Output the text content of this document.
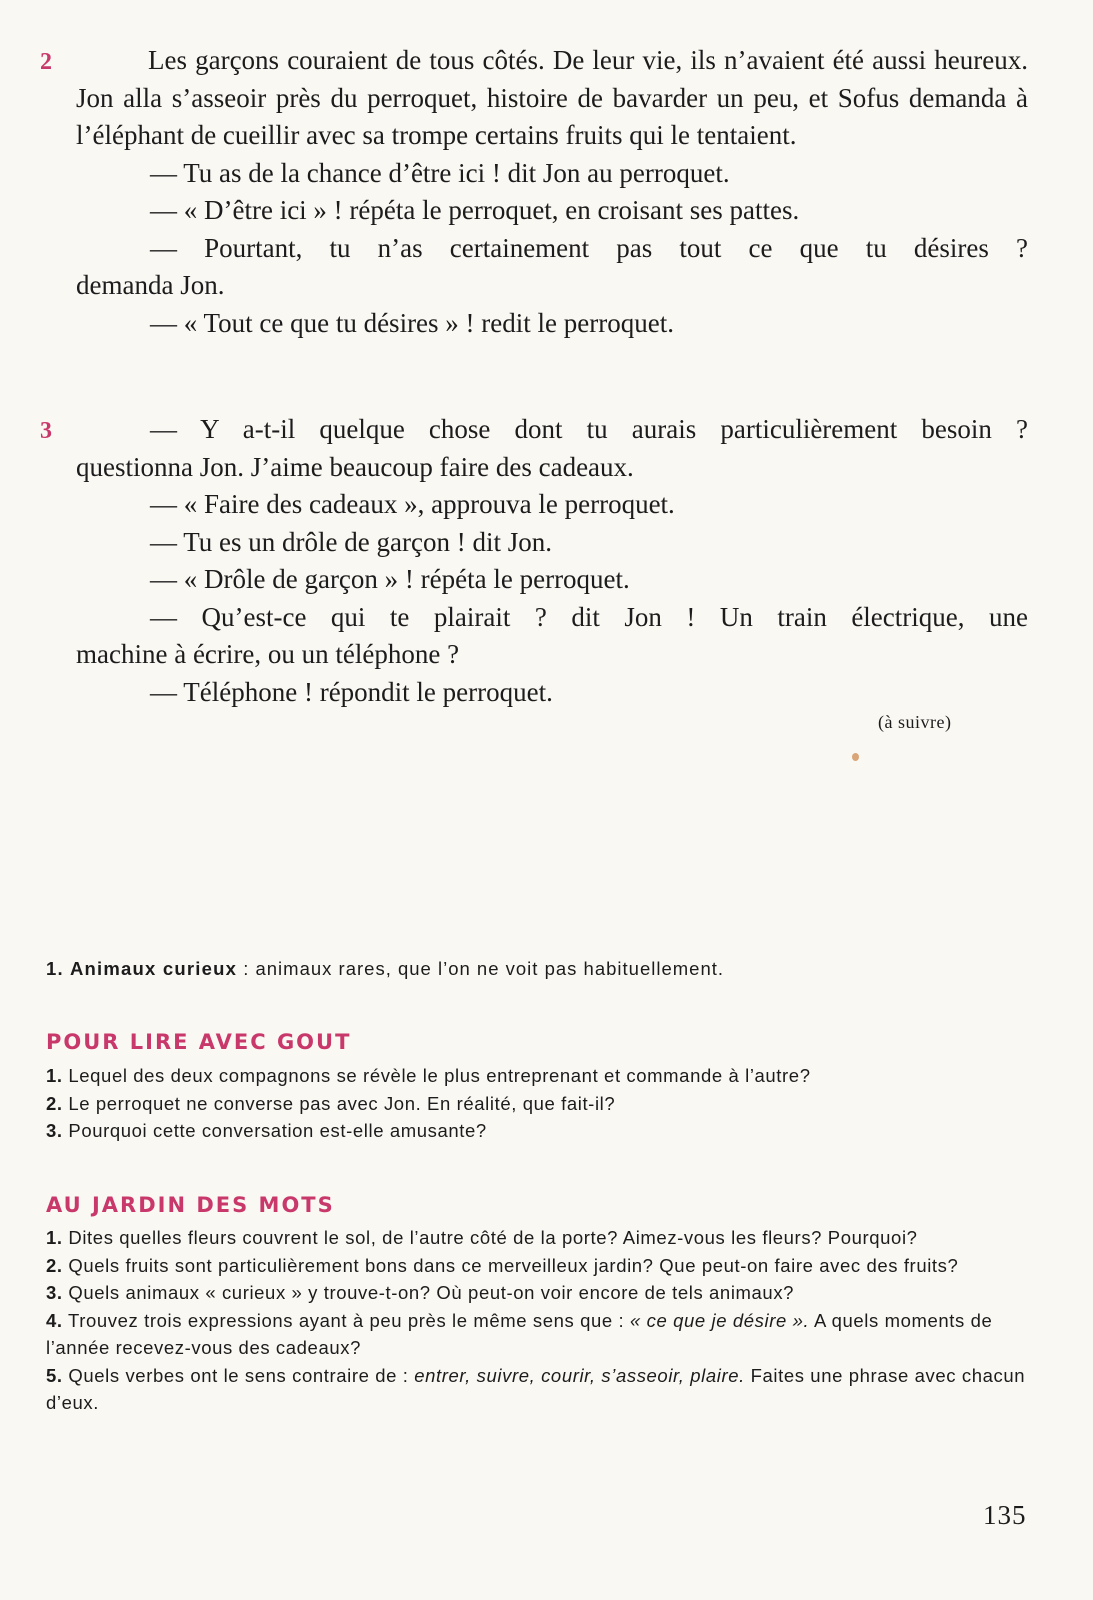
2	Les garçons couraient de tous côtés. De leur vie, ils n’avaient été aussi heureux. Jon alla s’asseoir près du perroquet, histoire de bavarder un peu, et Sofus demanda à l’éléphant de cueillir avec sa trompe certains fruits qui le tentaient.

— Tu as de la chance d’être ici ! dit Jon au perroquet.

— « D’être ici » ! répéta le perroquet, en croisant ses pattes.

— Pourtant, tu n’as certainement pas tout ce que tu désires ?

demanda Jon.

— « Tout ce que tu désires » ! redit le perroquet.

3	— Y a-t-il quelque chose dont tu aurais particulièrement besoin ?

questionna Jon. J’aime beaucoup faire des cadeaux.

— « Faire des cadeaux », approuva le perroquet.

— Tu es un drôle de garçon ! dit Jon.

— « Drôle de garçon » ! répéta le perroquet.

— Qu’est-ce qui te plairait ? dit Jon ! Un train électrique, une

machine à écrire, ou un téléphone ?

— Téléphone ! répondit le perroquet.

(à suivre)
1. Animaux curieux : animaux rares, que l’on ne voit pas habituellement.
POUR LIRE AVEC GOUT

1. Lequel des deux compagnons se révèle le plus entreprenant et commande à l’autre?

2. Le perroquet ne converse pas avec Jon. En réalité, que fait-il?

3. Pourquoi cette conversation est-elle amusante?

AU JARDIN DES MOTS

1. Dites quelles fleurs couvrent le sol, de l’autre côté de la porte? Aimez-vous les fleurs? Pourquoi?

2. Quels fruits sont particulièrement bons dans ce merveilleux jardin? Que peut-on faire avec des fruits?

3. Quels animaux « curieux » y trouve-t-on? Où peut-on voir encore de tels animaux?

4. Trouvez trois expressions ayant à peu près le même sens que : « ce que je désire ». A quels moments de l’année recevez-vous des cadeaux?

5. Quels verbes ont le sens contraire de : entrer, suivre, courir, s’asseoir, plaire. Faites une phrase avec chacun d’eux.

135
